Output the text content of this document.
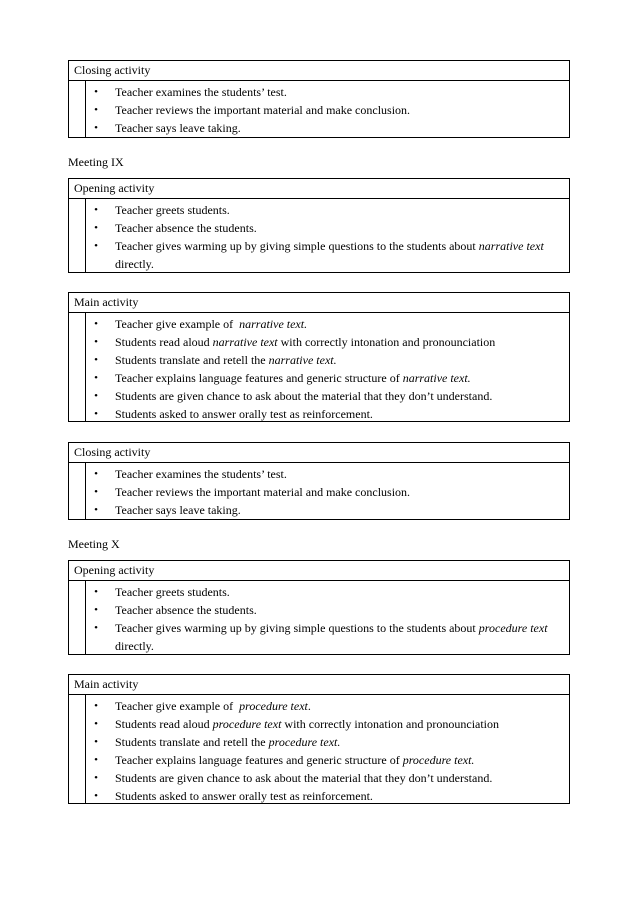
Closing activity
•	Teacher examines the students’ test.
•	Teacher reviews the important material and make conclusion.
•	Teacher says leave taking.
Meeting IX
Opening activity
•	Teacher greets students.
•	Teacher absence the students.
•	Teacher gives warming up by giving simple questions to the students about narrative text directly.
Main activity
•	Teacher give example of narrative text.
•	Students read aloud narrative text with correctly intonation and pronounciation
•	Students translate and retell the narrative text.
•	Teacher explains language features and generic structure of narrative text.
•	Students are given chance to ask about the material that they don’t understand.
•	Students asked to answer orally test as reinforcement.
Closing activity
•	Teacher examines the students’ test.
•	Teacher reviews the important material and make conclusion.
•	Teacher says leave taking.
Meeting X
Opening activity
•	Teacher greets students.
•	Teacher absence the students.
•	Teacher gives warming up by giving simple questions to the students about procedure text directly.
Main activity
•	Teacher give example of procedure text.
•	Students read aloud procedure text with correctly intonation and pronounciation
•	Students translate and retell the procedure text.
•	Teacher explains language features and generic structure of procedure text.
•	Students are given chance to ask about the material that they don’t understand.
•	Students asked to answer orally test as reinforcement.
